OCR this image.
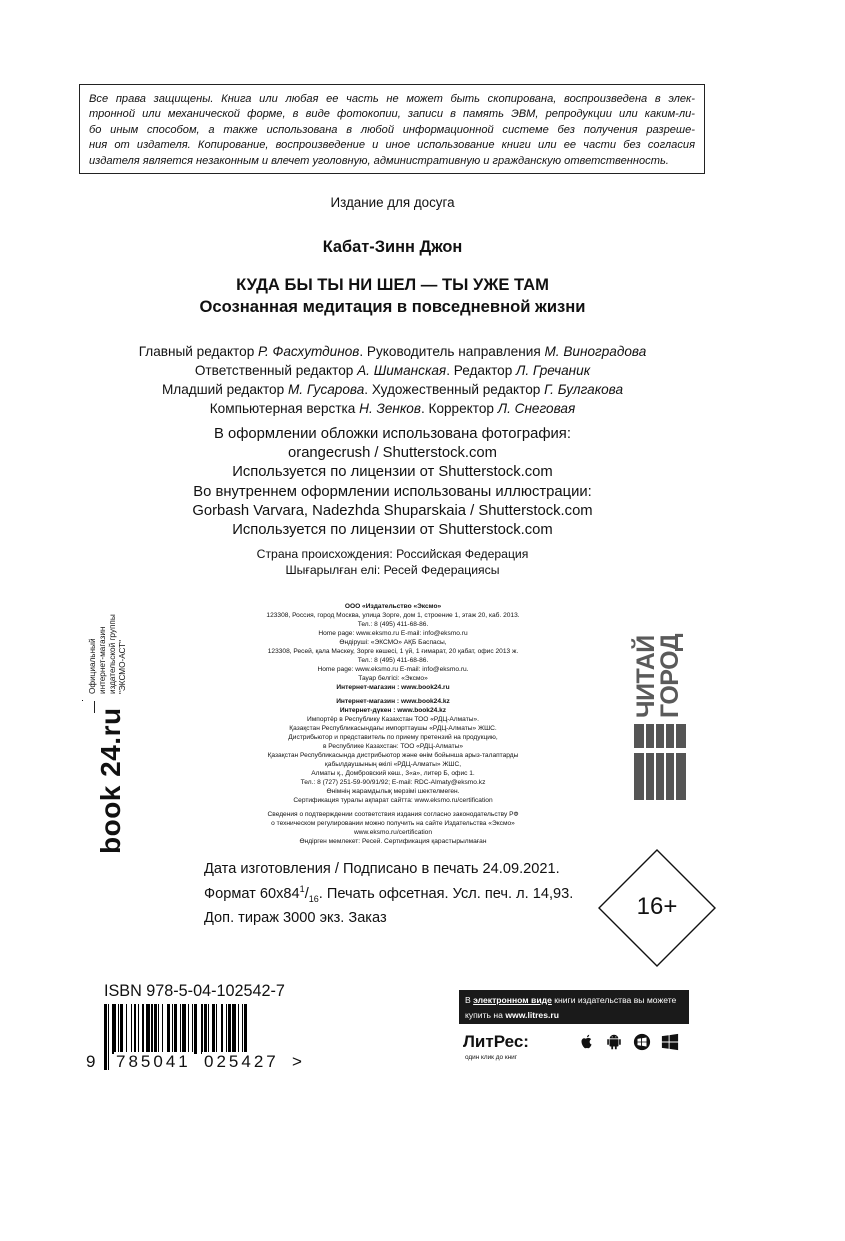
Все права защищены. Книга или любая ее часть не может быть скопирована, воспроизведена в элек-
тронной или механической форме, в виде фотокопии, записи в память ЭВМ, репродукции или каким-ли-
бо иным способом, а также использована в любой информационной системе без получения разреше-
ния от издателя. Копирование, воспроизведение и иное использование книги или ее части без согласия
издателя является незаконным и влечет уголовную, административную и гражданскую ответственность.
Издание для досуга
Кабат-Зинн Джон
КУДА БЫ ТЫ НИ ШЕЛ — ТЫ УЖЕ ТАМ
Осознанная медитация в повседневной жизни
Главный редактор Р. Фасхутдинов. Руководитель направления М. Виноградова
Ответственный редактор А. Шиманская. Редактор Л. Гречаник
Младший редактор М. Гусарова. Художественный редактор Г. Булгакова
Компьютерная верстка Н. Зенков. Корректор Л. Снеговая
В оформлении обложки использована фотография:
orangecrush / Shutterstock.com
Используется по лицензии от Shutterstock.com
Во внутреннем оформлении использованы иллюстрации:
Gorbash Varvara, Nadezhda Shuparskaia / Shutterstock.com
Используется по лицензии от Shutterstock.com
Страна происхождения: Российская Федерация
Шығарылған елі: Ресей Федерациясы
ООО «Издательство «Эксмо»
123308, Россия, город Москва, улица Зорге, дом 1, строение 1, этаж 20, каб. 2013.
Тел.: 8 (495) 411-68-86.
Home page: www.eksmo.ru E-mail: info@eksmo.ru
Өндіруші: «ЭКСМО» АҚБ Баспасы,
123308, Ресей, қала Мәскеу, Зорге көшесі, 1 үй, 1 ғимарат, 20 қабат, офис 2013 ж.
Тел.: 8 (495) 411-68-86.
Home page: www.eksmo.ru E-mail: info@eksmo.ru.
Тауар белгісі: «Эксмо»
Интернет-магазин : www.book24.ru
Интернет-магазин : www.book24.kz
Интернет-дүкен : www.book24.kz
Импортёр в Республику Казахстан ТОО «РДЦ-Алматы».
Қазақстан Республикасындағы импорттаушы «РДЦ-Алматы» ЖШС.
Дистрибьютор и представитель по приему претензий на продукцию,
в Республике Казахстан: ТОО «РДЦ-Алматы»
Қазақстан Республикасында дистрибьютор және өнім бойынша арыз-талаптарды
қабылдаушының өкілі «РДЦ-Алматы» ЖШС,
Алматы қ., Домбровский көш., 3«а», литер Б, офис 1.
Тел.: 8 (727) 251-59-90/91/92; E-mail: RDC-Almaty@eksmo.kz
Өнімнің жарамдылық мерзімі шектелмеген.
Сертификация туралы ақпарат сайтта: www.eksmo.ru/certification
Сведения о подтверждении соответствия издания согласно законодательству РФ
о техническом регулировании можно получить на сайте Издательства «Эксмо»
www.eksmo.ru/certification
Өндірген мемлекет: Ресей. Сертификация қарастырылмаған
Официальный интернет-магазин издательской группы "ЭКСМО-АСТ"
book 24.ru
ЧИТАЙ
ГОРОД
Дата изготовления / Подписано в печать 24.09.2021.
Формат $60х84^1/_{16}$. Печать офсетная. Усл. печ. л. 14,93.
Доп. тираж 3000 экз. Заказ	16+
ISBN 978-5-04-102542-7
9 785041 025427 >
В электронном виде книги издательства вы можете
купить на www.litres.ru
ЛитРес:
один клик до книг
